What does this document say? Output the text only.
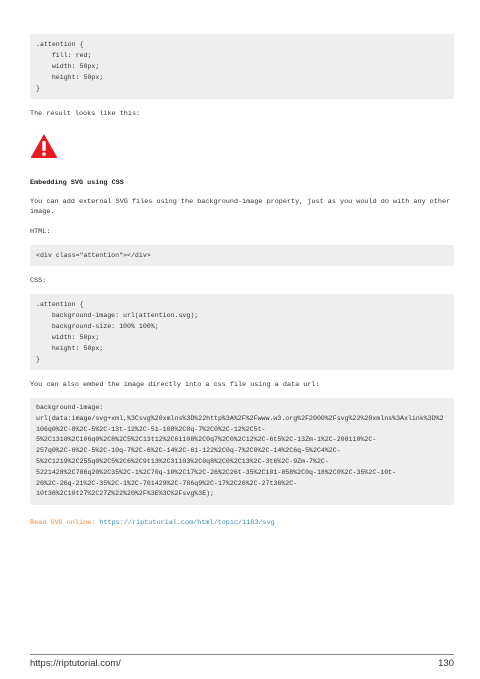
.attention {
fill: red;
width: 50px;
height: 50px;
}

The result looks like this:

Embedding SVG using CSS

You can add external SVG files using the background-image property, just as you would do with any other image.

HTML:

<div class="attention"></div>

CSS:

.attention {
background-image: url(attention.svg);
background-size: 100% 100%;
width: 50px;
height: 50px;
}

You can also embed the image directly into a css file using a data url:

background-image:
url(data:image/svg+xml,%3Csvg%20xmlns%3D%22http%3A%2F%2Fwww.w3.org%2F2000%2Fsvg%22%20xmlns%3Axlink%3D%2
106q0%2C-8%2C-5%2C-13t-12%2C-51-108%2C0q-7%2C0%2C-12%2C5t-
5%2C1310%2C106q0%2C8%2C5%2C13t12%2C61108%2C0q7%2C0%2C12%2C-6t5%2C-13Zm-1%2C-208110%2C-
257q0%2C-6%2C-5%2C-10q-7%2C-6%2C-14%2C-61-122%2C0q-7%2C0%2C-14%2C6q-5%2C4%2C-
5%2C1219%2C255q0%2C5%2C6%2C9t13%2C31103%2C0q8%2C0%2C13%2C-3t6%2C-9Zm-7%2C-
5221428%2C786q20%2C35%2C-1%2C70q-10%2C17%2C-26%2C26t-35%2C101-858%2C0q-18%2C0%2C-35%2C-10t-
26%2C-26q-21%2C-35%2C-1%2C-701429%2C-786q9%2C-17%2C26%2C-27t36%2C-
10t36%2C10t27%2C27Z%22%20%2F%3E%3C%2Fsvg%3E);
Read SVG online: https://riptutorial.com/html/topic/1183/svg
https://riptutorial.com/	130
